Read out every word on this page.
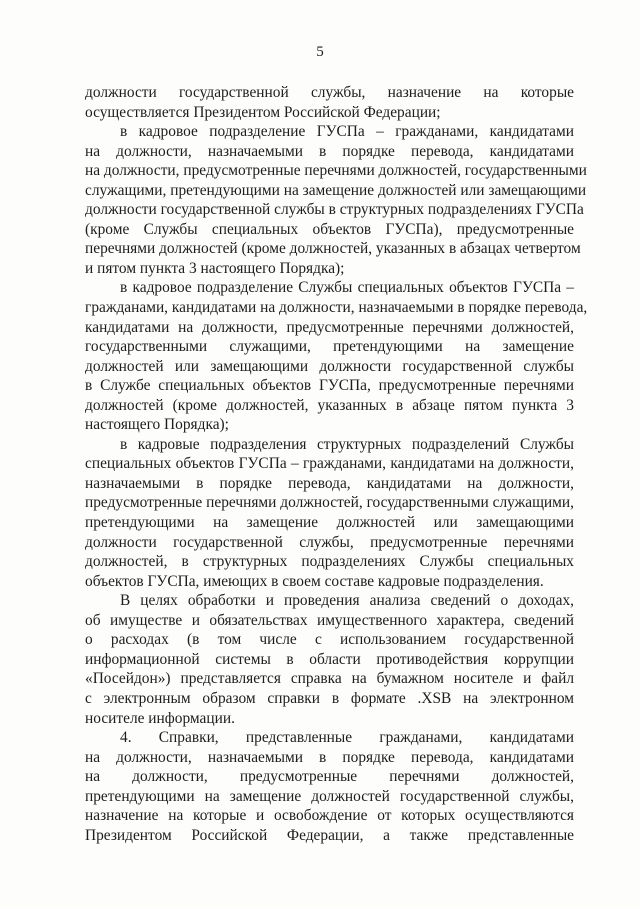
5
должности государственной службы, назначение на которые
осуществляется Президентом Российской Федерации;
в кадровое подразделение ГУСПа – гражданами, кандидатами
на должности, назначаемыми в порядке перевода, кандидатами
на должности, предусмотренные перечнями должностей, государственными
служащими, претендующими на замещение должностей или замещающими
должности государственной службы в структурных подразделениях ГУСПа
(кроме Службы специальных объектов ГУСПа), предусмотренные
перечнями должностей (кроме должностей, указанных в абзацах четвертом
и пятом пункта 3 настоящего Порядка);
в кадровое подразделение Службы специальных объектов ГУСПа –
гражданами, кандидатами на должности, назначаемыми в порядке перевода,
кандидатами на должности, предусмотренные перечнями должностей,
государственными служащими, претендующими на замещение
должностей или замещающими должности государственной службы
в Службе специальных объектов ГУСПа, предусмотренные перечнями
должностей (кроме должностей, указанных в абзаце пятом пункта 3
настоящего Порядка);
в кадровые подразделения структурных подразделений Службы
специальных объектов ГУСПа – гражданами, кандидатами на должности,
назначаемыми в порядке перевода, кандидатами на должности,
предусмотренные перечнями должностей, государственными служащими,
претендующими на замещение должностей или замещающими
должности государственной службы, предусмотренные перечнями
должностей, в структурных подразделениях Службы специальных
объектов ГУСПа, имеющих в своем составе кадровые подразделения.
В целях обработки и проведения анализа сведений о доходах,
об имуществе и обязательствах имущественного характера, сведений
о расходах (в том числе с использованием государственной
информационной системы в области противодействия коррупции
«Посейдон») представляется справка на бумажном носителе и файл
с электронным образом справки в формате .XSB на электронном
носителе информации.
4. Справки, представленные гражданами, кандидатами
на должности, назначаемыми в порядке перевода, кандидатами
на должности, предусмотренные перечнями должностей,
претендующими на замещение должностей государственной службы,
назначение на которые и освобождение от которых осуществляются
Президентом Российской Федерации, а также представленные
